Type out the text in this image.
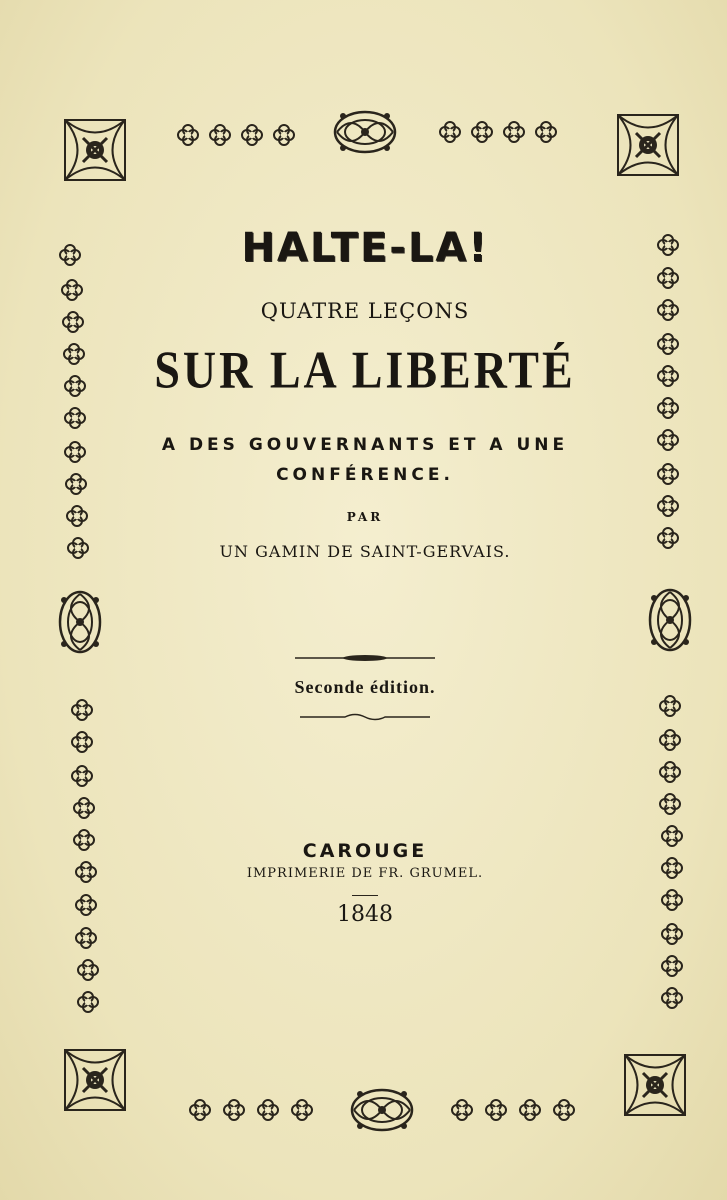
HALTE-LA!
QUATRE LEÇONS
SUR LA LIBERTÉ
A DES GOUVERNANTS ET A UNE
CONFÉRENCE.
PAR
UN GAMIN DE SAINT-GERVAIS.
Seconde édition.
CAROUGE
IMPRIMERIE DE FR. GRUMEL.
1848
